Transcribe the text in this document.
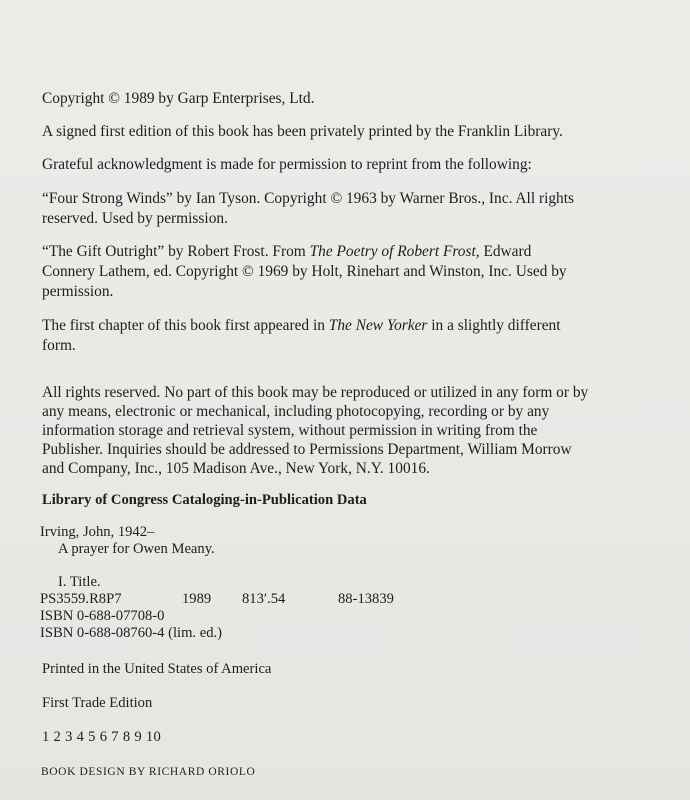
Copyright © 1989 by Garp Enterprises, Ltd.

A signed first edition of this book has been privately printed by the Franklin Library.

Grateful acknowledgment is made for permission to reprint from the following:

“Four Strong Winds” by Ian Tyson. Copyright © 1963 by Warner Bros., Inc. All rights
reserved. Used by permission.

“The Gift Outright” by Robert Frost. From The Poetry of Robert Frost, Edward
Connery Lathem, ed. Copyright © 1969 by Holt, Rinehart and Winston, Inc. Used by
permission.

The first chapter of this book first appeared in The New Yorker in a slightly different
form.

All rights reserved. No part of this book may be reproduced or utilized in any form or by
any means, electronic or mechanical, including photocopying, recording or by any
information storage and retrieval system, without permission in writing from the
Publisher. Inquiries should be addressed to Permissions Department, William Morrow
and Company, Inc., 105 Madison Ave., New York, N.Y. 10016.

Library of Congress Cataloging-in-Publication Data

Irving, John, 1942–

A prayer for Owen Meany.

I. Title.

PS3559.R8P7	1989 813′.54	88-13839

ISBN 0-688-07708-0

ISBN 0-688-08760-4 (lim. ed.)

Printed in the United States of America

First Trade Edition

1 2 3 4 5 6 7 8 9 10

BOOK DESIGN BY RICHARD ORIOLO
